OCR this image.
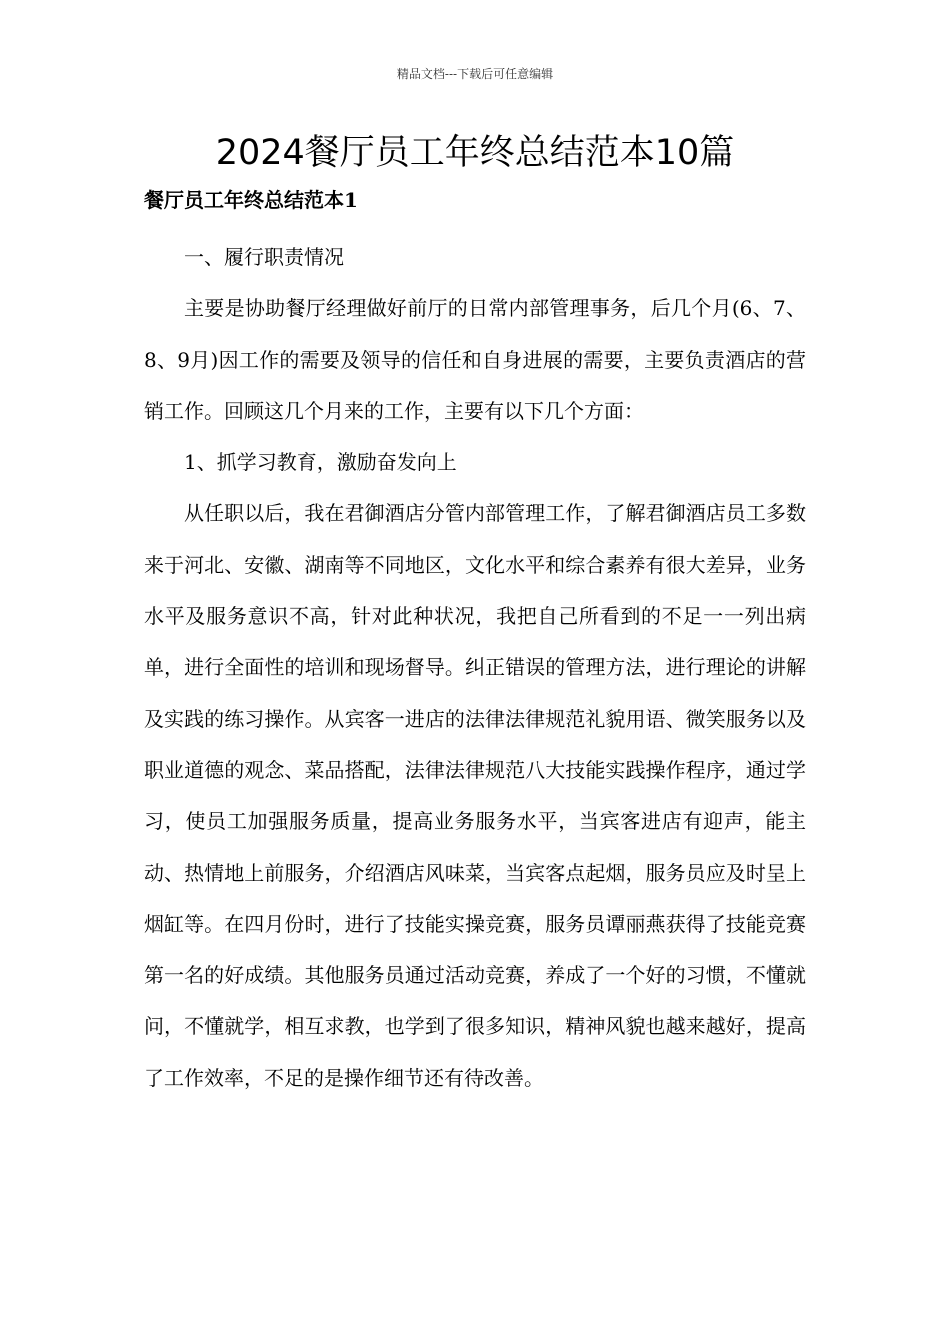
精品文档---下载后可任意编辑
2024餐厅员工年终总结范本10篇
餐厅员工年终总结范本1

一、履行职责情况

主要是协助餐厅经理做好前厅的日常内部管理事务，后几个月(6、7、8、9月)因工作的需要及领导的信任和自身进展的需要，主要负责酒店的营销工作。回顾这几个月来的工作，主要有以下几个方面：

1、抓学习教育，激励奋发向上

从任职以后，我在君御酒店分管内部管理工作，了解君御酒店员工多数来于河北、安徽、湖南等不同地区，文化水平和综合素养有很大差异，业务水平及服务意识不高，针对此种状况，我把自己所看到的不足一一列出病单，进行全面性的培训和现场督导。纠正错误的管理方法，进行理论的讲解及实践的练习操作。从宾客一进店的法律法律规范礼貌用语、微笑服务以及职业道德的观念、菜品搭配，法律法律规范八大技能实践操作程序，通过学习，使员工加强服务质量，提高业务服务水平，当宾客进店有迎声，能主动、热情地上前服务，介绍酒店风味菜，当宾客点起烟，服务员应及时呈上烟缸等。在四月份时，进行了技能实操竞赛，服务员谭丽燕获得了技能竞赛第一名的好成绩。其他服务员通过活动竞赛，养成了一个好的习惯，不懂就问，不懂就学，相互求教，也学到了很多知识，精神风貌也越来越好，提高了工作效率，不足的是操作细节还有待改善。
